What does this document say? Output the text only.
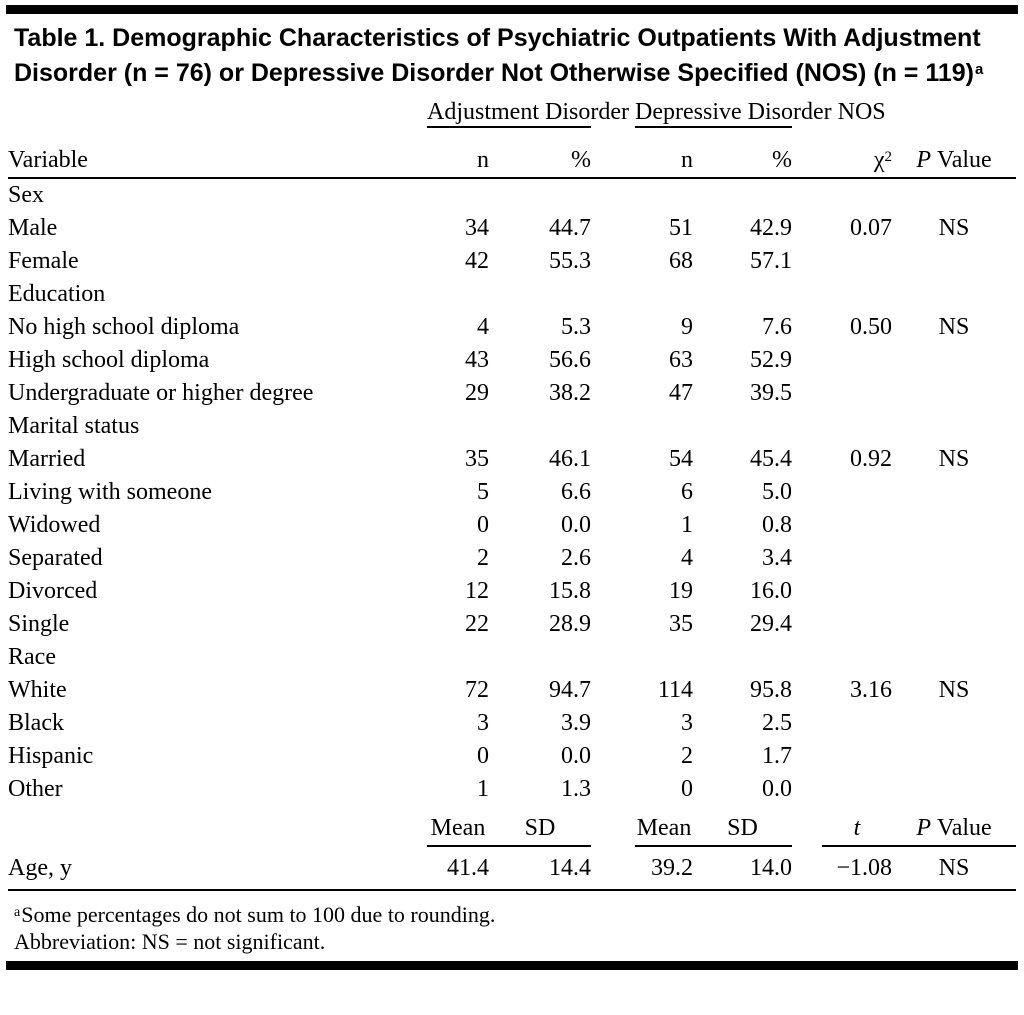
Table 1. Demographic Characteristics of Psychiatric Outpatients With Adjustment Disorder (n = 76) or Depressive Disorder Not Otherwise Specified (NOS) (n = 119)$^a$
	Adjustment Disorder			Depressive Disorder NOS				
Variable	n	%		n	%		$\chi^2$	P Value
Sex								
Male	34	44.7		51	42.9		0.07	NS
Female	42	55.3		68	57.1			
Education								
No high school diploma	4	5.3		9	7.6		0.50	NS
High school diploma	43	56.6		63	52.9			
Undergraduate or higher degree	29	38.2		47	39.5			
Marital status								
Married	35	46.1		54	45.4		0.92	NS
Living with someone	5	6.6		6	5.0			
Widowed	0	0.0		1	0.8			
Separated	2	2.6		4	3.4			
Divorced	12	15.8		19	16.0			
Single	22	28.9		35	29.4			
Race								
White	72	94.7		114	95.8		3.16	NS
Black	3	3.9		3	2.5			
Hispanic	0	0.0		2	1.7			
Other	1	1.3		0	0.0			
	Mean	SD		Mean	SD		t	P Value
Age, y	41.4	14.4		39.2	14.0		−1.08	NS
$^a$Some percentages do not sum to 100 due to rounding.
Abbreviation: NS = not significant.
